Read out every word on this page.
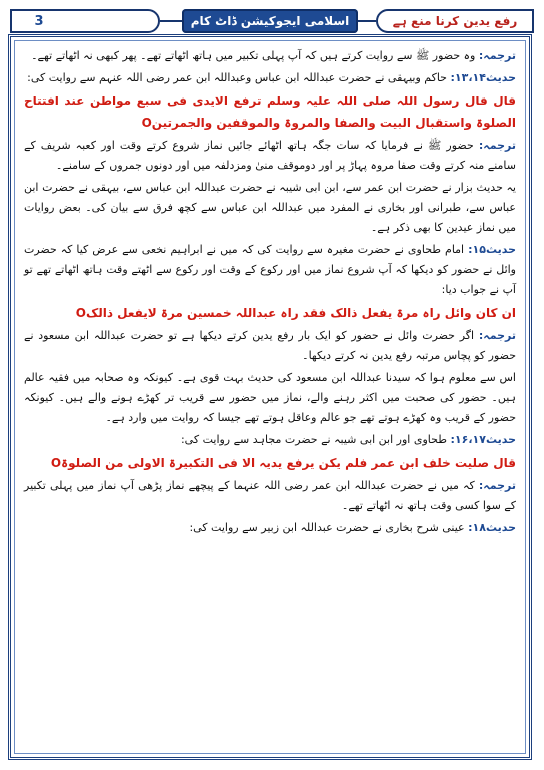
3	اسلامی ایجوکیشن ڈاٹ کام	رفع یدین کرنا منع ہے

ترجمہ: وہ حضور ﷺ سے روایت کرتے ہیں کہ آپ پہلی تکبیر میں ہاتھ اٹھاتے تھے۔ پھر کبھی نہ اٹھاتے تھے۔

حدیث۱۳،۱۴: حاکم وبیہقی نے حضرت عبداللہ ابن عباس وعبداللہ ابن عمر رضی اللہ عنہم سے روایت کی:

قال قال رسول اللہ صلی اللہ علیہ وسلم ترفع الایدی فی سبع مواطن عند افتتاح الصلوۃ واستقبال البیت والصفا والمروۃ والموقفین والجمرتینO

ترجمہ: حضور ﷺ نے فرمایا کہ سات جگہ ہاتھ اٹھائے جائیں نماز شروع کرتے وقت اور کعبہ شریف کے سامنے منہ کرتے وقت صفا مروہ پہاڑ پر اور دوموقف منیٰ ومزدلفہ میں اور دونوں جمروں کے سامنے۔

یہ حدیث بزار نے حضرت ابن عمر سے، ابن ابی شیبہ نے حضرت عبداللہ ابن عباس سے، بیہقی نے حضرت ابن عباس سے، طبرانی اور بخاری نے المفرد میں عبداللہ ابن عباس سے کچھ فرق سے بیان کی۔ بعض روایات میں نماز عیدین کا بھی ذکر ہے۔

حدیث۱۵: امام طحاوی نے حضرت مغیرہ سے روایت کی کہ میں نے ابراہیم نخعی سے عرض کیا کہ حضرت وائل نے حضور کو دیکھا کہ آپ شروع نماز میں اور رکوع کے وقت اور رکوع سے اٹھتے وقت ہاتھ اٹھاتے تھے تو آپ نے جواب دیا:

ان کان وائل راہ مرۃ یفعل ذالک فقد راہ عبداللہ خمسین مرۃ لایفعل ذالکO

ترجمہ: اگر حضرت وائل نے حضور کو ایک بار رفع یدین کرتے دیکھا ہے تو حضرت عبداللہ ابن مسعود نے حضور کو پچاس مرتبہ رفع یدین نہ کرتے دیکھا۔

اس سے معلوم ہوا کہ سیدنا عبداللہ ابن مسعود کی حدیث بہت قوی ہے۔ کیونکہ وہ صحابہ میں فقیہ عالم ہیں۔ حضور کی صحبت میں اکثر رہنے والے، نماز میں حضور سے قریب تر کھڑے ہونے والے ہیں۔ کیونکہ حضور کے قریب وہ کھڑے ہوتے تھے جو عالم وعاقل ہوتے تھے جیسا کہ روایت میں وارد ہے۔

حدیث۱۶،۱۷: طحاوی اور ابن ابی شیبہ نے حضرت مجاہد سے روایت کی:

قال صلیت خلف ابن عمر فلم یکن یرفع یدیہ الا فی التکبیرۃ الاولی من الصلوۃO

ترجمہ: کہ میں نے حضرت عبداللہ ابن عمر رضی اللہ عنہما کے پیچھے نماز پڑھی آپ نماز میں پہلی تکبیر کے سوا کسی وقت ہاتھ نہ اٹھاتے تھے۔

حدیث۱۸: عینی شرح بخاری نے حضرت عبداللہ ابن زبیر سے روایت کی:
